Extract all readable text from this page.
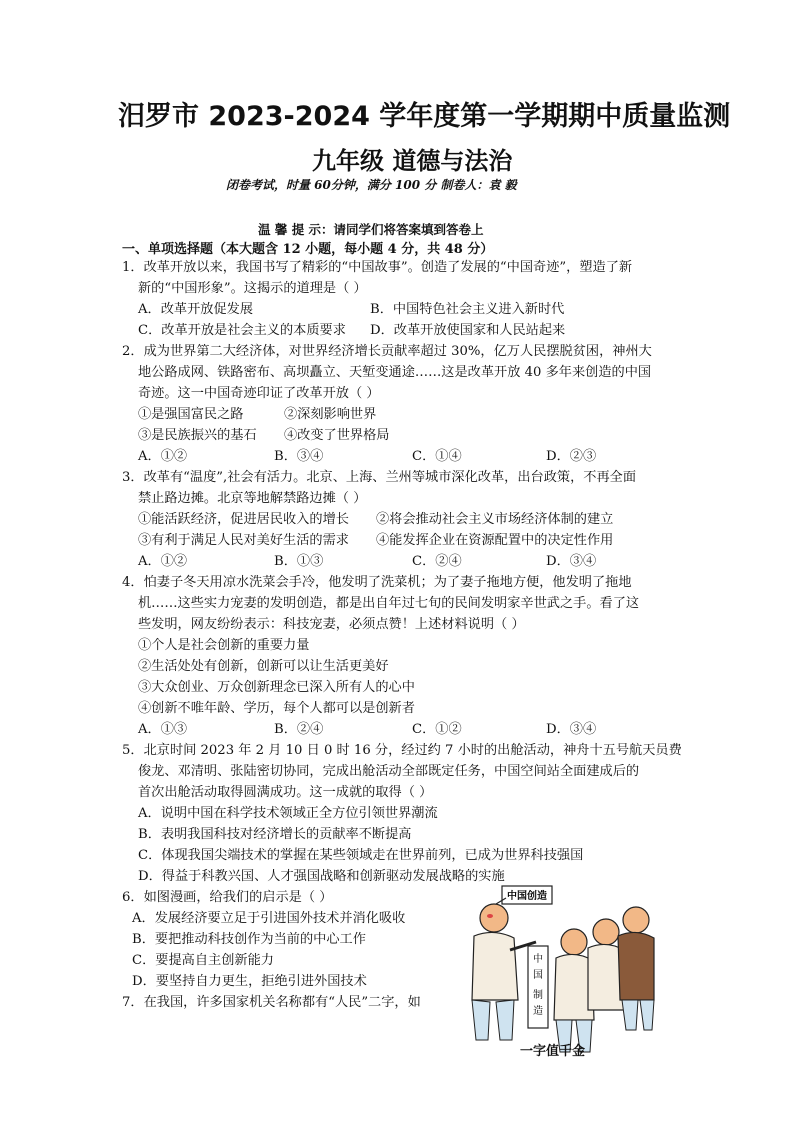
汨罗市 2023-2024 学年度第一学期期中质量监测
九年级 道德与法治
闭卷考试，时量 60分钟，满分 100 分 制卷人：袁 毅
温 馨 提 示：请同学们将答案填到答卷上
一、单项选择题（本大题含 12 小题，每小题 4 分，共 48 分）
1．改革开放以来，我国书写了精彩的“中国故事”。创造了发展的“中国奇迹”，塑造了新
新的“中国形象”。这揭示的道理是（ ）
A．改革开放促发展	B．中国特色社会主义进入新时代
C．改革开放是社会主义的本质要求 D．改革开放使国家和人民站起来
2．成为世界第二大经济体，对世界经济增长贡献率超过 30%，亿万人民摆脱贫困，神州大
地公路成网、铁路密布、高坝矗立、天堑变通途……这是改革开放 40 多年来创造的中国
奇迹。这一中国奇迹印证了改革开放（ ）
①是强国富民之路	②深刻影响世界
③是民族振兴的基石 ④改变了世界格局
A．①②	B．③④	C．①④	D．②③
3．改革有“温度”,社会有活力。北京、上海、兰州等城市深化改革，出台政策，不再全面
禁止路边摊。北京等地解禁路边摊（ ）
①能活跃经济，促进居民收入的增长 ②将会推动社会主义市场经济体制的建立
③有利于满足人民对美好生活的需求 ④能发挥企业在资源配置中的决定性作用
A．①②	B．①③	C．②④	D．③④
4．怕妻子冬天用凉水洗菜会手冷，他发明了洗菜机；为了妻子拖地方便，他发明了拖地
机……这些实力宠妻的发明创造，都是出自年过七旬的民间发明家辛世武之手。看了这
些发明，网友纷纷表示：科技宠妻，必须点赞！上述材料说明（ ）
①个人是社会创新的重要力量
②生活处处有创新，创新可以让生活更美好
③大众创业、万众创新理念已深入所有人的心中
④创新不唯年龄、学历，每个人都可以是创新者
A．①③	B．②④	C．①②	D．③④
5．北京时间 2023 年 2 月 10 日 0 时 16 分，经过约 7 小时的出舱活动，神舟十五号航天员费
俊龙、邓清明、张陆密切协同，完成出舱活动全部既定任务，中国空间站全面建成后的
首次出舱活动取得圆满成功。这一成就的取得（ ）
A．说明中国在科学技术领域正全方位引领世界潮流
B．表明我国科技对经济增长的贡献率不断提高
C．体现我国尖端技术的掌握在某些领域走在世界前列，已成为世界科技强国
D．得益于科教兴国、人才强国战略和创新驱动发展战略的实施
6．如图漫画，给我们的启示是（ ）
A．发展经济要立足于引进国外技术并消化吸收
B．要把推动科技创作为当前的中心工作
C．要提高自主创新能力
D．要坚持自力更生，拒绝引进外国技术
7．在我国，许多国家机关名称都有“人民”二字，如
中国创造
中
国
制
造
一字值千金
